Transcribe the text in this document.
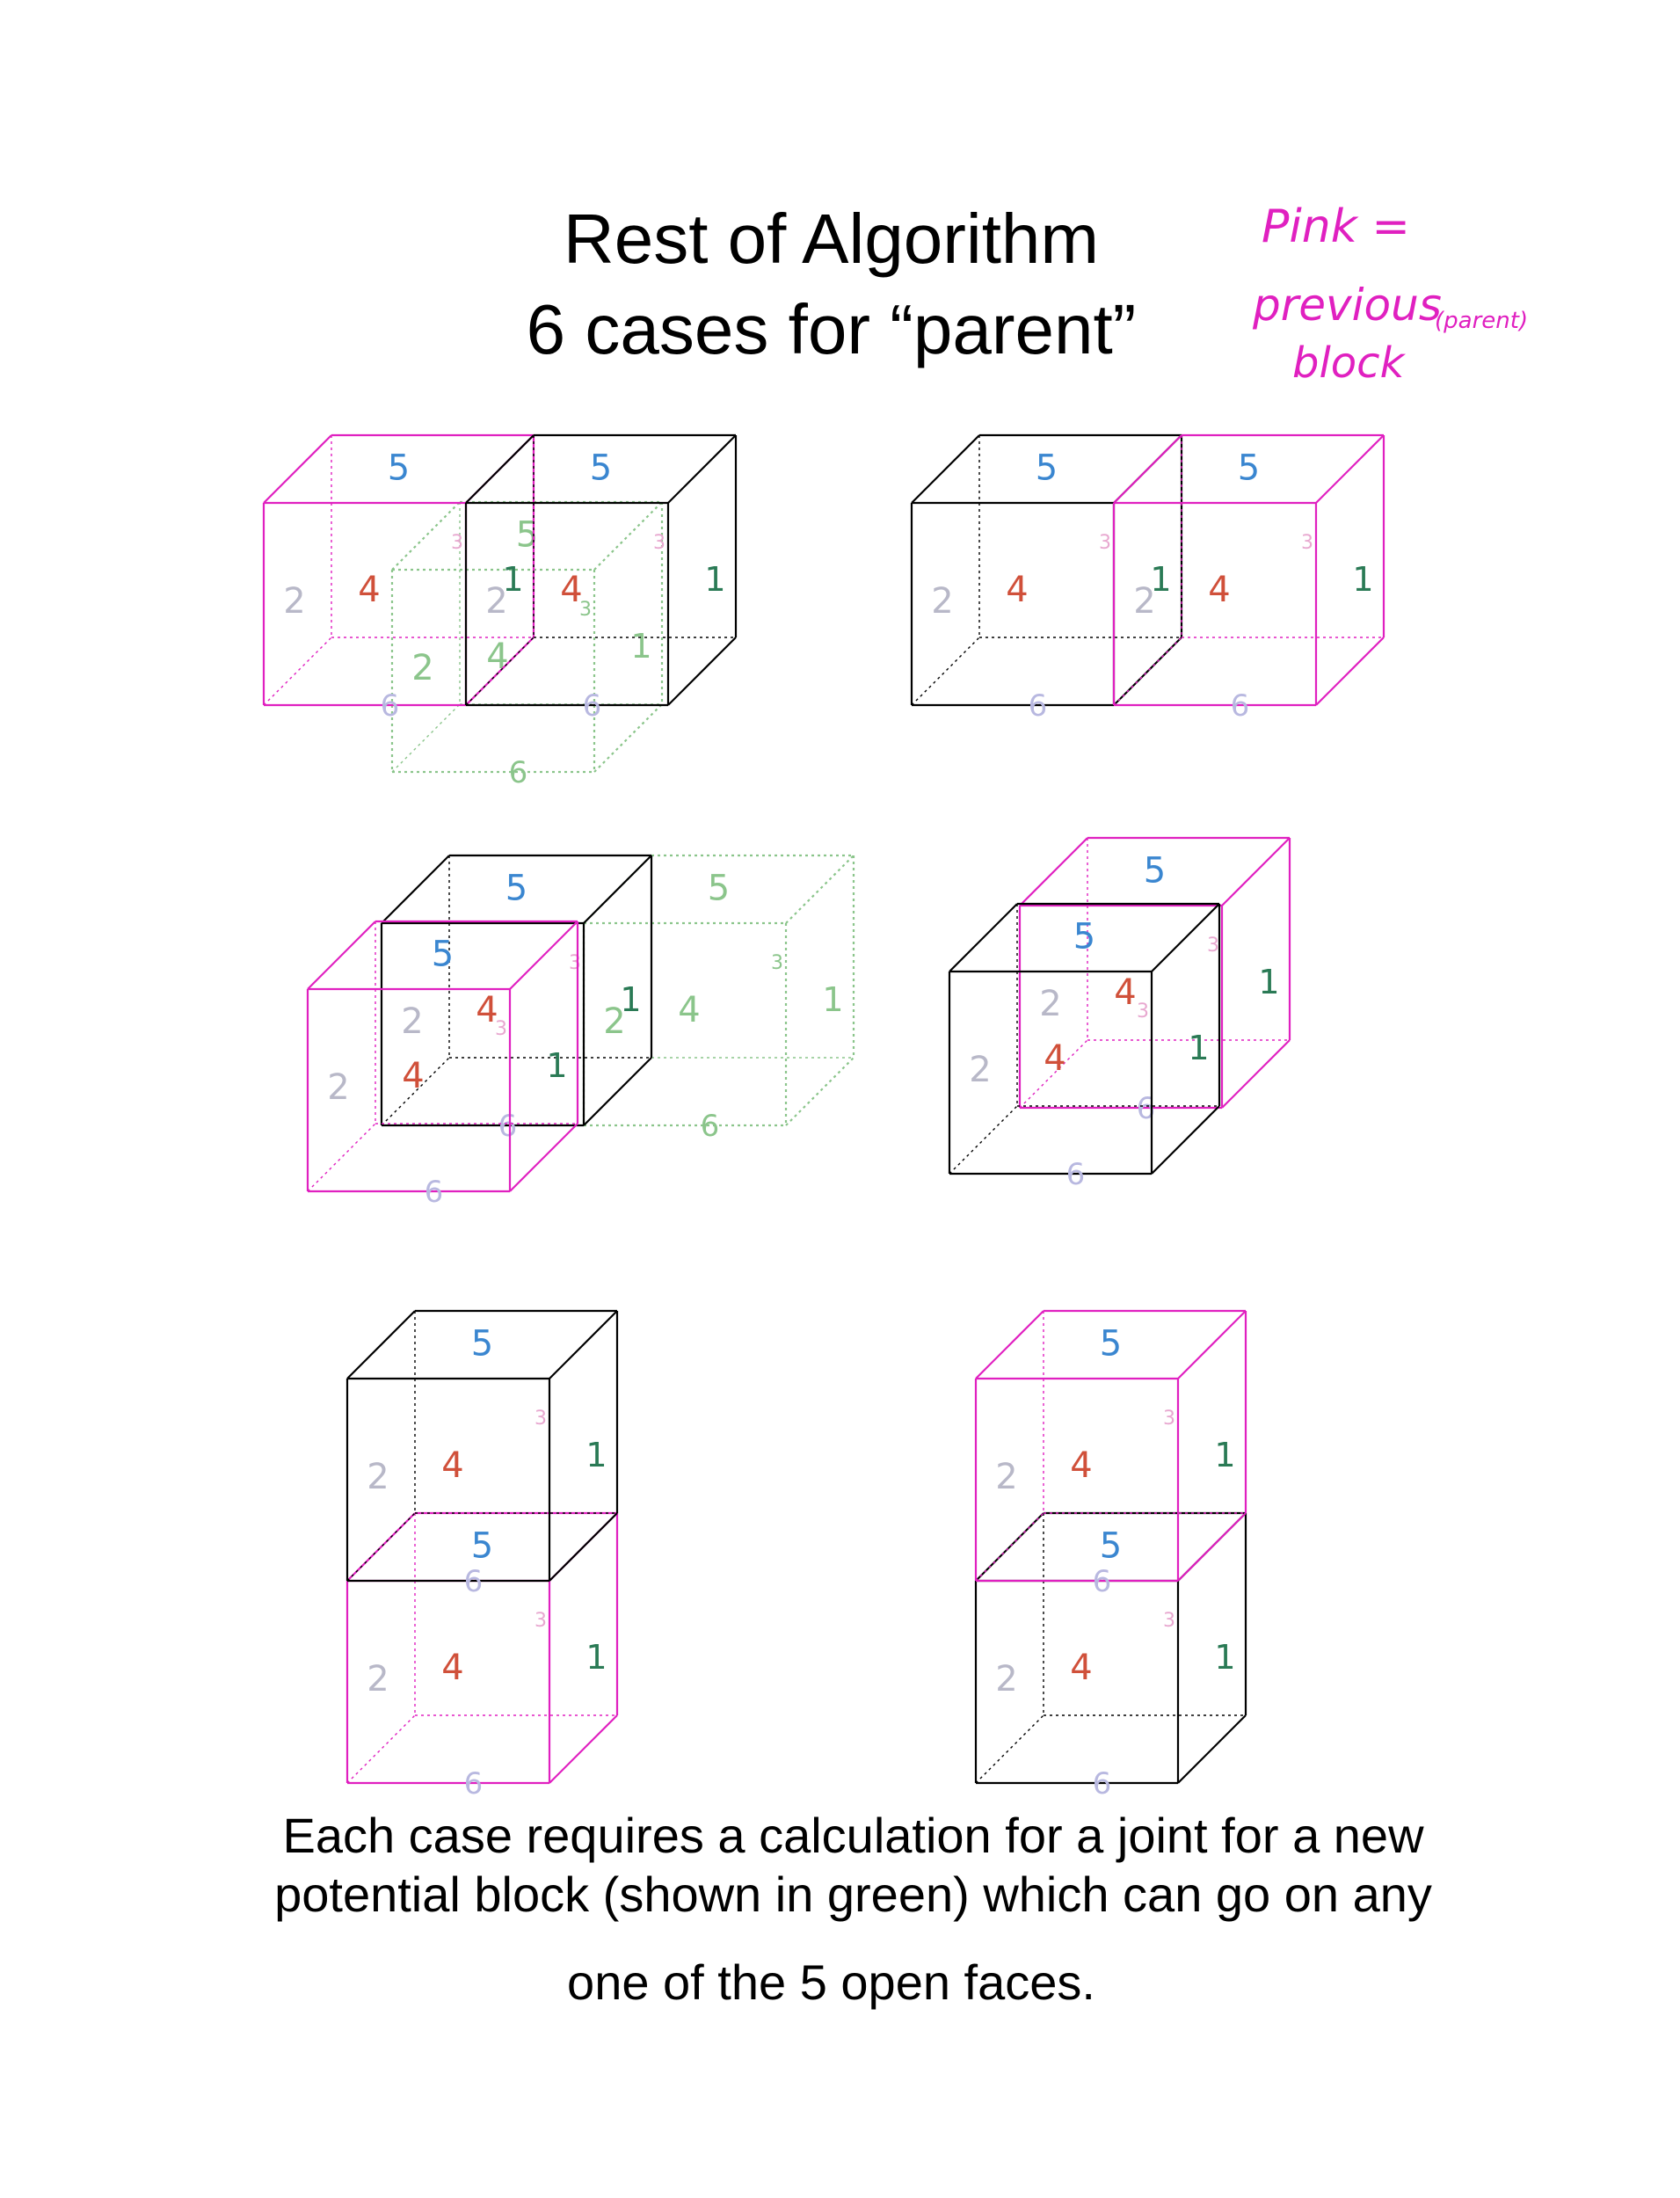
Rest of Algorithm
6 cases for “parent”
Pink =
previous
(parent)
block
5
4
3
1
2
6
5
4
3
1
2
6
5
4
3
1
2
6
5
4
3
1
2
6
5
4
3
1
2
6
5
4
3
1
2
6
5
4
3
1
2
6
5
4
3
1
2
6
5
4
3
1
2
6
5
4
3
1
2
6
5
4
3
1
2
6
5
4
3
1
2
6
5
4
3
1
2
6
5
4
3
1
2
6
Each case requires a calculation for a joint for a new
potential block (shown in green) which can go on any
one of the 5 open faces.
